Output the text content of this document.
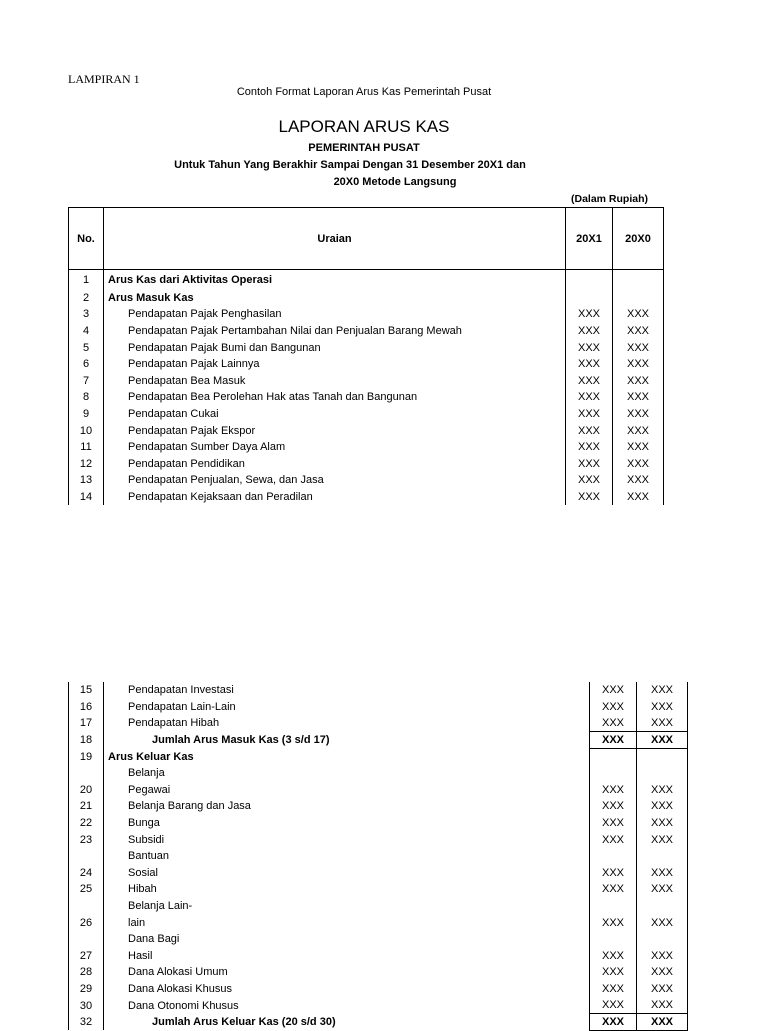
LAMPIRAN 1
Contoh Format Laporan Arus Kas Pemerintah Pusat
LAPORAN ARUS KAS
PEMERINTAH PUSAT
Untuk Tahun Yang Berakhir Sampai Dengan 31 Desember 20X1 dan
20X0 Metode Langsung
(Dalam Rupiah)
No.	Uraian	20X1	20X0
1	Arus Kas dari Aktivitas Operasi		
2	Arus Masuk Kas		
3	Pendapatan Pajak Penghasilan	XXX	XXX
4	Pendapatan Pajak Pertambahan Nilai dan Penjualan Barang Mewah	XXX	XXX
5	Pendapatan Pajak Bumi dan Bangunan	XXX	XXX
6	Pendapatan Pajak Lainnya	XXX	XXX
7	Pendapatan Bea Masuk	XXX	XXX
8	Pendapatan Bea Perolehan Hak atas Tanah dan Bangunan	XXX	XXX
9	Pendapatan Cukai	XXX	XXX
10	Pendapatan Pajak Ekspor	XXX	XXX
11	Pendapatan Sumber Daya Alam	XXX	XXX
12	Pendapatan Pendidikan	XXX	XXX
13	Pendapatan Penjualan, Sewa, dan Jasa	XXX	XXX
14	Pendapatan Kejaksaan dan Peradilan	XXX	XXX
15	Pendapatan Investasi	XXX	XXX
16	Pendapatan Lain-Lain	XXX	XXX
17	Pendapatan Hibah	XXX	XXX
18	Jumlah Arus Masuk Kas (3 s/d 17)	XXX	XXX
19	Arus Keluar Kas		
	Belanja		
20	Pegawai	XXX	XXX
21	Belanja Barang dan Jasa	XXX	XXX
22	Bunga	XXX	XXX
23	Subsidi	XXX	XXX
	Bantuan		
24	Sosial	XXX	XXX
25	Hibah	XXX	XXX
	Belanja Lain-		
26	lain	XXX	XXX
	Dana Bagi		
27	Hasil	XXX	XXX
28	Dana Alokasi Umum	XXX	XXX
29	Dana Alokasi Khusus	XXX	XXX
30	Dana Otonomi Khusus	XXX	XXX
32	Jumlah Arus Keluar Kas (20 s/d 30)	XXX	XXX
